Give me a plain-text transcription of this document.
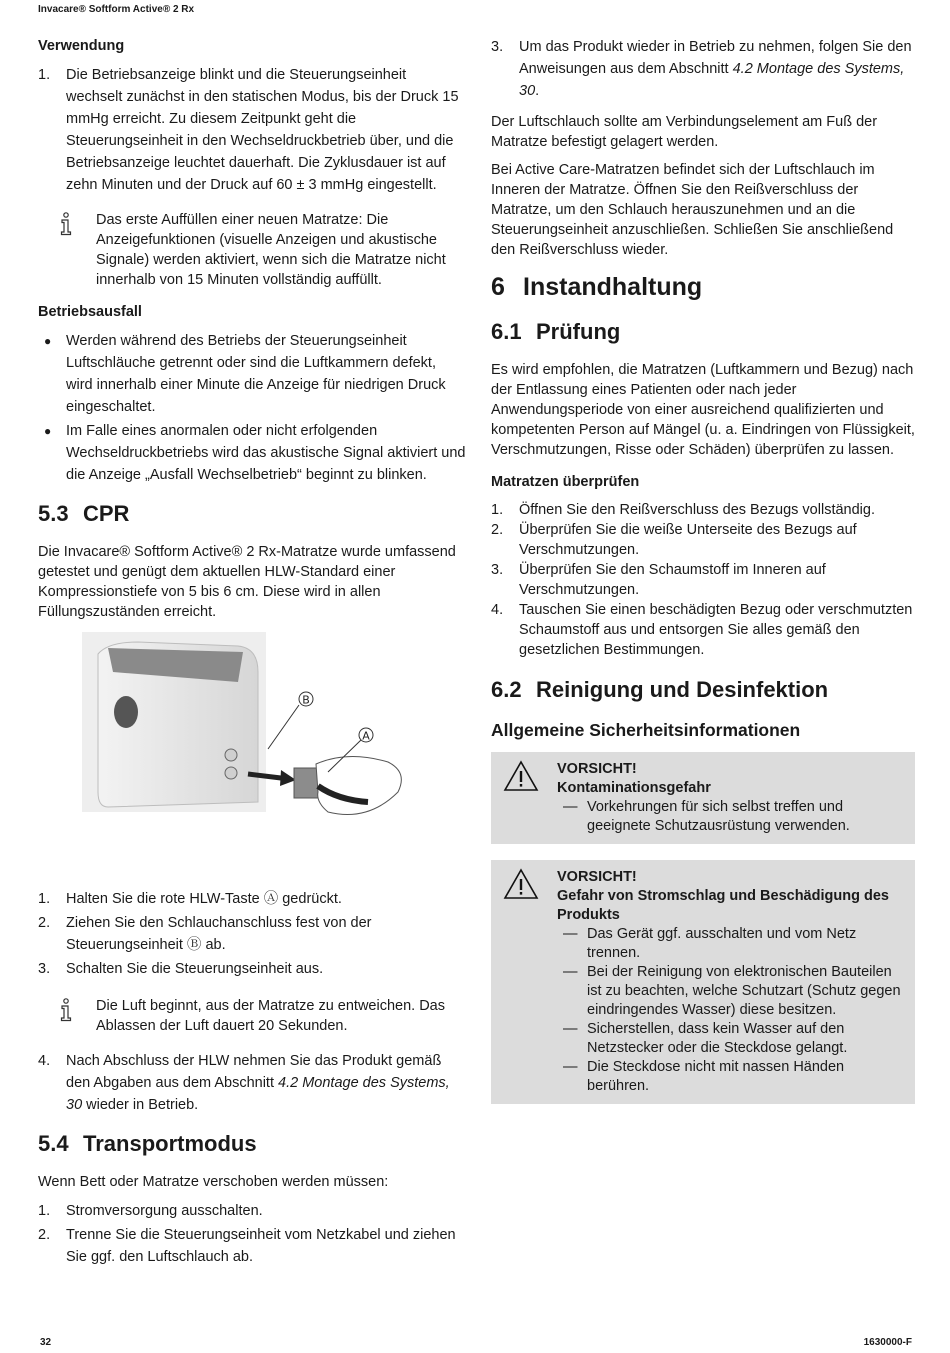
Invacare® Softform Active® 2 Rx
Verwendung
1.	Die Betriebsanzeige blinkt und die Steuerungseinheit wechselt zunächst in den statischen Modus, bis der Druck 15 mmHg erreicht. Zu diesem Zeitpunkt geht die Steuerungseinheit in den Wechseldruckbetrieb über, und die Betriebsanzeige leuchtet dauerhaft. Die Zyklusdauer ist auf zehn Minuten und der Druck auf 60 ± 3 mmHg eingestellt.
Das erste Auffüllen einer neuen Matratze: Die Anzeigefunktionen (visuelle Anzeigen und akustische Signale) werden aktiviert, wenn sich die Matratze nicht innerhalb von 15 Minuten vollständig auffüllt.
Betriebsausfall
●	Werden während des Betriebs der Steuerungseinheit Luftschläuche getrennt oder sind die Luftkammern defekt, wird innerhalb einer Minute die Anzeige für niedrigen Druck eingeschaltet.
●	Im Falle eines anormalen oder nicht erfolgenden Wechseldruckbetriebs wird das akustische Signal aktiviert und die Anzeige „Ausfall Wechselbetrieb“ beginnt zu blinken.
5.3 CPR

Die Invacare® Softform Active® 2 Rx-Matratze wurde umfassend getestet und genügt dem aktuellen HLW-Standard einer Kompressionstiefe von 5 bis 6 cm. Diese wird in allen Füllungszuständen erreicht.

B
A
1.	Halten Sie die rote HLW-Taste Ⓐ gedrückt.
2.	Ziehen Sie den Schlauchanschluss fest von der Steuerungseinheit Ⓑ ab.
3.	Schalten Sie die Steuerungseinheit aus.
Die Luft beginnt, aus der Matratze zu entweichen. Das Ablassen der Luft dauert 20 Sekunden.
4.	Nach Abschluss der HLW nehmen Sie das Produkt gemäß den Abgaben aus dem Abschnitt 4.2 Montage des Systems, 30 wieder in Betrieb.
5.4 Transportmodus

Wenn Bett oder Matratze verschoben werden müssen:

1.	Stromversorgung ausschalten.
2.	Trenne Sie die Steuerungseinheit vom Netzkabel und ziehen Sie ggf. den Luftschlauch ab.
3.	Um das Produkt wieder in Betrieb zu nehmen, folgen Sie den Anweisungen aus dem Abschnitt 4.2 Montage des Systems, 30.

Der Luftschlauch sollte am Verbindungselement am Fuß der Matratze befestigt gelagert werden.

Bei Active Care-Matratzen befindet sich der Luftschlauch im Inneren der Matratze. Öffnen Sie den Reißverschluss der Matratze, um den Schlauch herauszunehmen und an die Steuerungseinheit anzuschließen. Schließen Sie anschließend den Reißverschluss wieder.

6 Instandhaltung
6.1 Prüfung

Es wird empfohlen, die Matratzen (Luftkammern und Bezug) nach der Entlassung eines Patienten oder nach jeder Anwendungsperiode von einer ausreichend qualifizierten und kompetenten Person auf Mängel (u. a. Eindringen von Flüssigkeit, Verschmutzungen, Risse oder Schäden) überprüfen zu lassen.

Matratzen überprüfen
1.	Öffnen Sie den Reißverschluss des Bezugs vollständig.
2.	Überprüfen Sie die weiße Unterseite des Bezugs auf Verschmutzungen.
3.	Überprüfen Sie den Schaumstoff im Inneren auf Verschmutzungen.
4.	Tauschen Sie einen beschädigten Bezug oder verschmutzten Schaumstoff aus und entsorgen Sie alles gemäß den gesetzlichen Bestimmungen.
6.2 Reinigung und Desinfektion
Allgemeine Sicherheitsinformationen
VORSICHT!
Kontaminationsgefahr
— Vorkehrungen für sich selbst treffen und geeignete Schutzausrüstung verwenden.
VORSICHT!
Gefahr von Stromschlag und Beschädigung des Produkts
— Das Gerät ggf. ausschalten und vom Netz trennen.
— Bei der Reinigung von elektronischen Bauteilen ist zu beachten, welche Schutzart (Schutz gegen eindringendes Wasser) diese besitzen.
— Sicherstellen, dass kein Wasser auf den Netzstecker oder die Steckdose gelangt.
— Die Steckdose nicht mit nassen Händen berühren.
32	1630000-F
